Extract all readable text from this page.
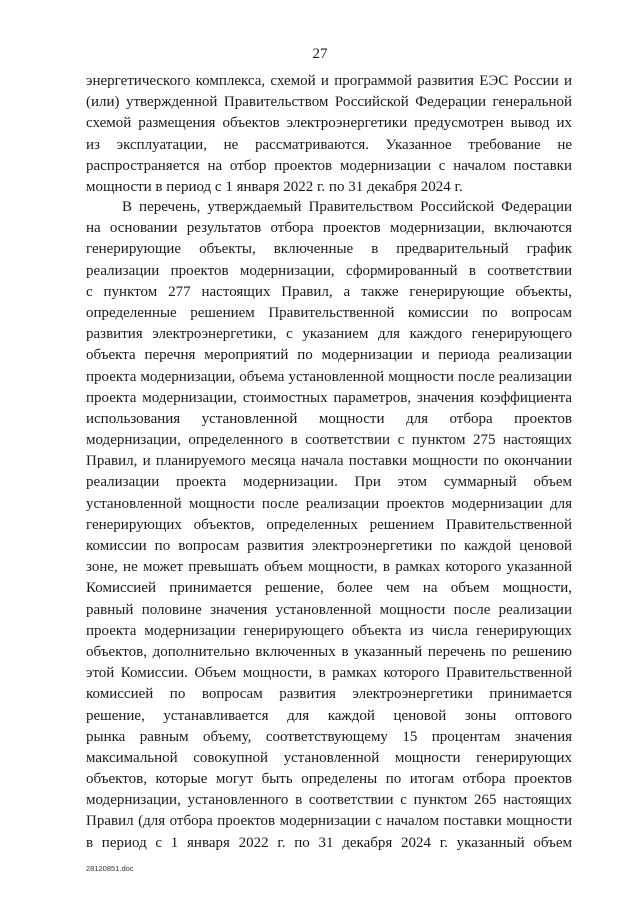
27
энергетического комплекса, схемой и программой развития ЕЭС России и
(или) утвержденной Правительством Российской Федерации генеральной
схемой размещения объектов электроэнергетики предусмотрен вывод их
из эксплуатации, не рассматриваются. Указанное требование не
распространяется на отбор проектов модернизации с началом поставки
мощности в период с 1 января 2022 г. по 31 декабря 2024 г.
В перечень, утверждаемый Правительством Российской Федерации
на основании результатов отбора проектов модернизации, включаются
генерирующие объекты, включенные в предварительный график
реализации проектов модернизации, сформированный в соответствии
с пунктом 277 настоящих Правил, а также генерирующие объекты,
определенные решением Правительственной комиссии по вопросам
развития электроэнергетики, с указанием для каждого генерирующего
объекта перечня мероприятий по модернизации и периода реализации
проекта модернизации, объема установленной мощности после реализации
проекта модернизации, стоимостных параметров, значения коэффициента
использования установленной мощности для отбора проектов
модернизации, определенного в соответствии с пунктом 275 настоящих
Правил, и планируемого месяца начала поставки мощности по окончании
реализации проекта модернизации. При этом суммарный объем
установленной мощности после реализации проектов модернизации для
генерирующих объектов, определенных решением Правительственной
комиссии по вопросам развития электроэнергетики по каждой ценовой
зоне, не может превышать объем мощности, в рамках которого указанной
Комиссией принимается решение, более чем на объем мощности,
равный половине значения установленной мощности после реализации
проекта модернизации генерирующего объекта из числа генерирующих
объектов, дополнительно включенных в указанный перечень по решению
этой Комиссии. Объем мощности, в рамках которого Правительственной
комиссией по вопросам развития электроэнергетики принимается
решение, устанавливается для каждой ценовой зоны оптового
рынка равным объему, соответствующему 15 процентам значения
максимальной совокупной установленной мощности генерирующих
объектов, которые могут быть определены по итогам отбора проектов
модернизации, установленного в соответствии с пунктом 265 настоящих
Правил (для отбора проектов модернизации с началом поставки мощности
в период с 1 января 2022 г. по 31 декабря 2024 г. указанный объем
28120851.doc
